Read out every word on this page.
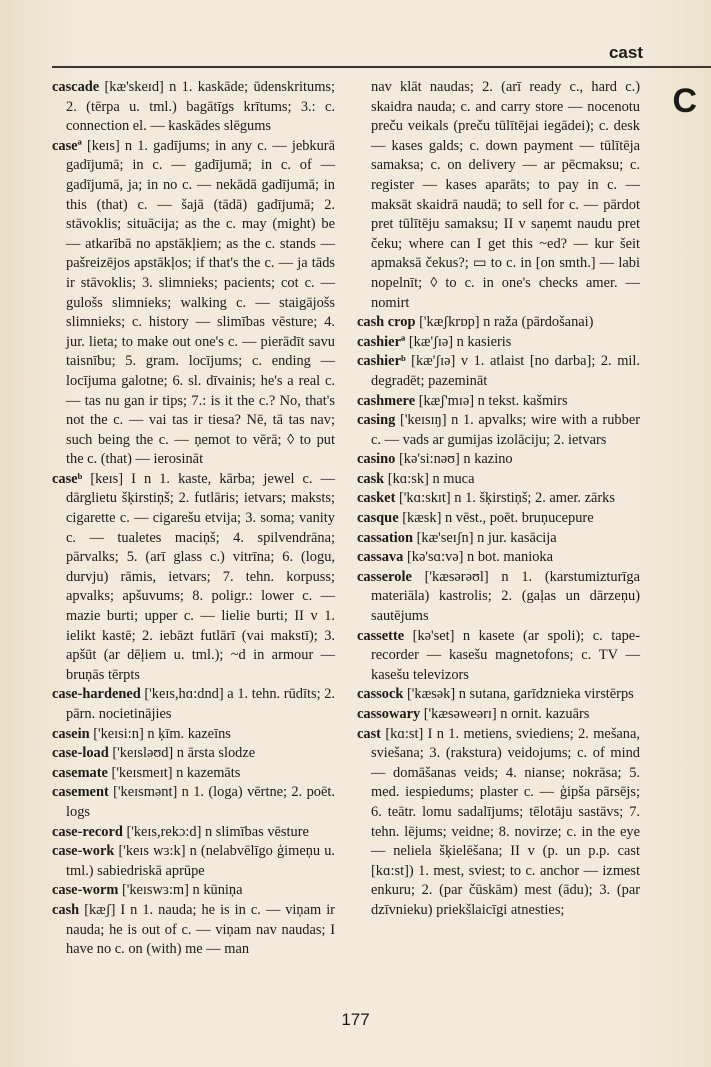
cast
C

cascade [kæ'skeɪd] n 1. kaskāde; ūdenskritums; 2. (tērpa u. tml.) bagātīgs krītums; 3.: c. connection el. — kaskādes slēgums

caseª [keɪs] n 1. gadījums; in any c. — jebkurā gadījumā; in c. — gadījumā; in c. of — gadījumā, ja; in no c. — nekādā gadījumā; in this (that) c. — šajā (tādā) gadījumā; 2. stāvoklis; situācija; as the c. may (might) be — atkarībā no apstākļiem; as the c. stands — pašreizējos apstākļos; if that's the c. — ja tāds ir stāvoklis; 3. slimnieks; pacients; cot c. — gulošs slimnieks; walking c. — staigājošs slimnieks; c. history — slimības vēsture; 4. jur. lieta; to make out one's c. — pierādīt savu taisnību; 5. gram. locījums; c. ending — locījuma galotne; 6. sl. dīvainis; he's a real c. — tas nu gan ir tips; 7.: is it the c.? No, that's not the c. — vai tas ir tiesa? Nē, tā tas nav; such being the c. — ņemot to vērā; ◊ to put the c. (that) — ierosināt

caseᵇ [keɪs] I n 1. kaste, kārba; jewel c. — dārglietu šķirstiņš; 2. futlāris; ietvars; maksts; cigarette c. — cigarešu etvija; 3. soma; vanity c. — tualetes maciņš; 4. spilvendrāna; pārvalks; 5. (arī glass c.) vitrīna; 6. (logu, durvju) rāmis, ietvars; 7. tehn. korpuss; apvalks; apšuvums; 8. poligr.: lower c. — mazie burti; upper c. — lielie burti; II v 1. ielikt kastē; 2. iebāzt futlārī (vai makstī); 3. apšūt (ar dēļiem u. tml.); ~d in armour — bruņās tērpts

case-hardened ['keɪs,hɑ:dnd] a 1. tehn. rūdīts; 2. pārn. nocietinājies

casein ['keɪsi:n] n ķīm. kazeīns

case-load ['keɪsləʊd] n ārsta slodze

casemate ['keɪsmeɪt] n kazemāts

casement ['keɪsmənt] n 1. (loga) vērtne; 2. poēt. logs

case-record ['keɪs,rekɔ:d] n slimības vēsture

case-work ['keɪs wɜ:k] n (nelabvēlīgo ģimeņu u. tml.) sabiedriskā aprūpe

case-worm ['keɪswɜ:m] n kūniņa

cash [kæʃ] I n 1. nauda; he is in c. — viņam ir nauda; he is out of c. — viņam nav naudas; I have no c. on (with) me — man

nav klāt naudas; 2. (arī ready c., hard c.) skaidra nauda; c. and carry store — nocenotu preču veikals (preču tūlītējai iegādei); c. desk — kases galds; c. down payment — tūlītēja samaksa; c. on delivery — ar pēcmaksu; c. register — kases aparāts; to pay in c. — maksāt skaidrā naudā; to sell for c. — pārdot pret tūlītēju samaksu; II v saņemt naudu pret čeku; where can I get this ~ed? — kur šeit apmaksā čekus?; ▭ to c. in [on smth.] — labi nopelnīt; ◊ to c. in one's checks amer. — nomirt

cash crop ['kæʃkrɒp] n raža (pārdošanai)

cashierª [kæ'ʃɪə] n kasieris

cashierᵇ [kæ'ʃɪə] v 1. atlaist [no darba]; 2. mil. degradēt; pazemināt

cashmere [kæʃ'mɪə] n tekst. kašmirs

casing ['keɪsɪŋ] n 1. apvalks; wire with a rubber c. — vads ar gumijas izolāciju; 2. ietvars

casino [kə'si:nəʊ] n kazino

cask [kɑ:sk] n muca

casket ['kɑ:skɪt] n 1. šķirstiņš; 2. amer. zārks

casque [kæsk] n vēst., poēt. bruņucepure

cassation [kæ'seɪʃn] n jur. kasācija

cassava [kə'sɑ:və] n bot. manioka

casserole ['kæsərəʊl] n 1. (karstumizturīga materiāla) kastrolis; 2. (gaļas un dārzeņu) sautējums

cassette [kə'set] n kasete (ar spoli); c. tape-recorder — kasešu magnetofons; c. TV — kasešu televizors

cassock ['kæsək] n sutana, garīdznieka virstērps

cassowary ['kæsəweərɪ] n ornit. kazuārs

cast [kɑ:st] I n 1. metiens, sviediens; 2. mešana, sviešana; 3. (rakstura) veidojums; c. of mind — domāšanas veids; 4. nianse; nokrāsa; 5. med. iespiedums; plaster c. — ģipša pārsējs; 6. teātr. lomu sadalījums; tēlotāju sastāvs; 7. tehn. lējums; veidne; 8. novirze; c. in the eye — neliela šķielēšana; II v (p. un p.p. cast [kɑ:st]) 1. mest, sviest; to c. anchor — izmest enkuru; 2. (par čūskām) mest (ādu); 3. (par dzīvnieku) priekšlaicīgi atnesties;

177
